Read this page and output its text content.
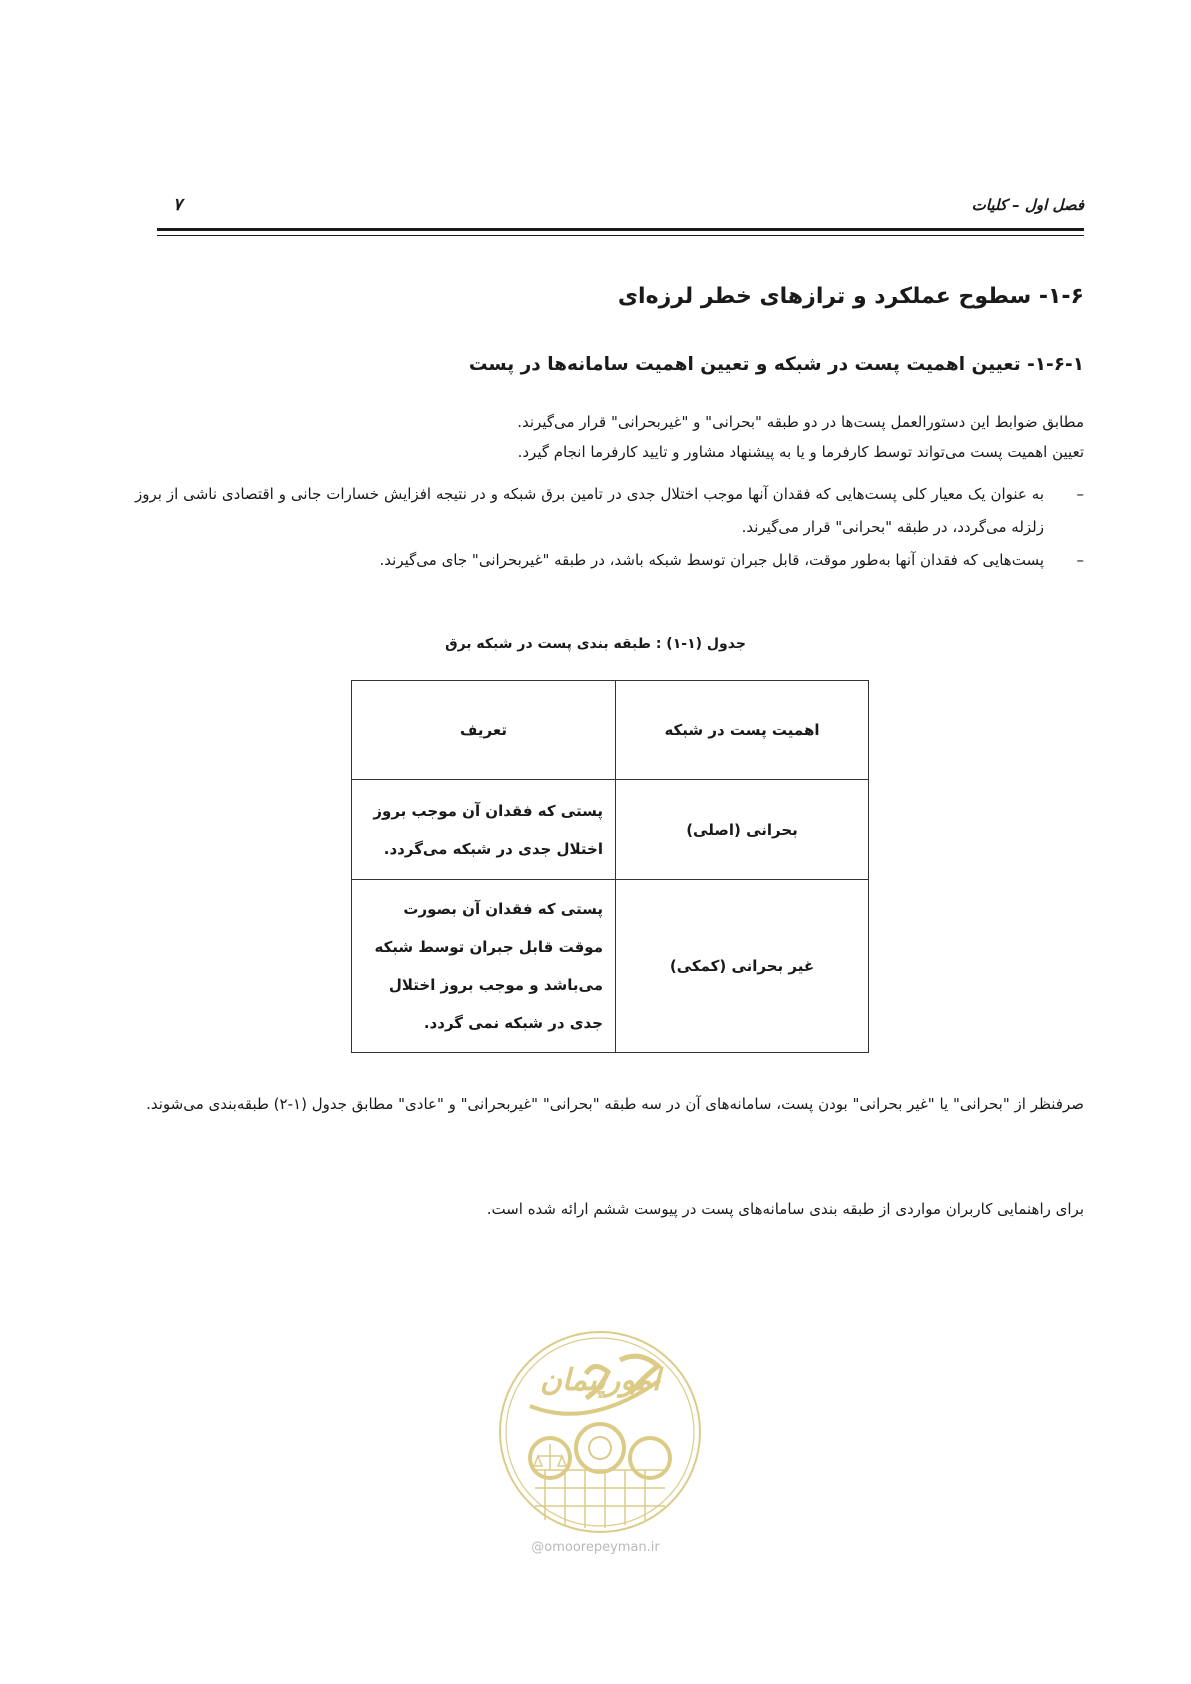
فصل اول – کلیات
۷
۱-۶- سطوح عملکرد و ترازهای خطر لرزه‌ای
۱-۶-۱- تعیین اهمیت پست در شبکه و تعیین اهمیت سامانه‌ها در پست
مطابق ضوابط این دستورالعمل پست‌ها در دو طبقه "بحرانی" و "غیربحرانی" قرار می‌گیرند.
تعیین اهمیت پست می‌تواند توسط کارفرما و یا به پیشنهاد مشاور و تایید کارفرما انجام گیرد.
–
به عنوان یک معیار کلی پست‌هایی که فقدان آنها موجب اختلال جدی در تامین برق شبکه و در نتیجه افزایش خسارات جانی و اقتصادی ناشی از بروز زلزله می‌گردد، در طبقه "بحرانی" قرار می‌گیرند.
–
پست‌هایی که فقدان آنها به‌طور موقت، قابل جبران توسط شبکه باشد، در طبقه "غیربحرانی" جای می‌گیرند.
جدول (۱-۱) : طبقه بندی پست در شبکه برق
اهمیت پست در شبکه	تعریف
بحرانی (اصلی)	پستی که فقدان آن موجب بروز اختلال جدی در شبکه می‌گردد.
غیر بحرانی (کمکی)	پستی که فقدان آن بصورت موقت قابل جبران توسط شبکه می‌باشد و موجب بروز اختلال جدی در شبکه نمی گردد.
صرفنظر از "بحرانی" یا "غیر بحرانی" بودن پست، سامانه‌های آن در سه طبقه "بحرانی" "غیربحرانی" و "عادی" مطابق جدول (۱-۲) طبقه‌بندی می‌شوند.
برای راهنمایی کاربران مواردی از طبقه بندی سامانه‌های پست در پیوست ششم ارائه شده است.
امورپیمان
@omoorepeyman.ir
